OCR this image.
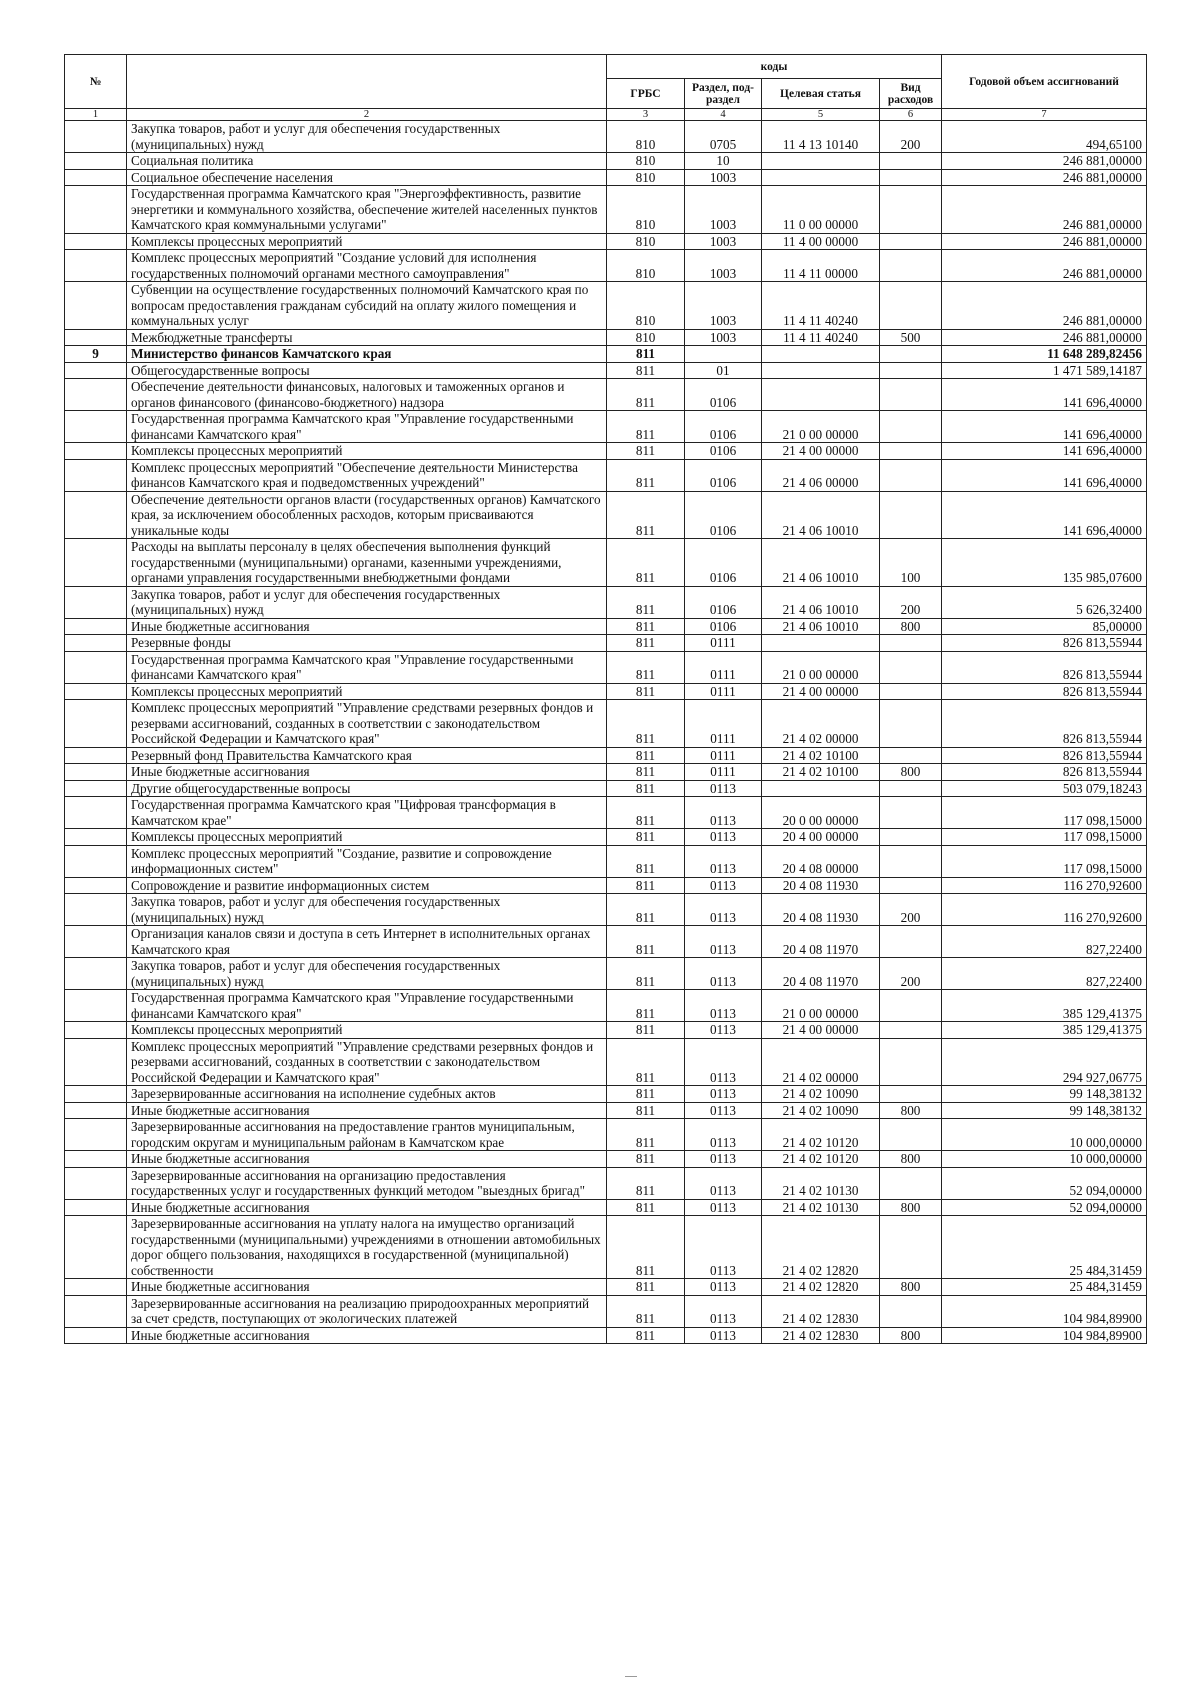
№		коды				Годовой объем ассигнований
		ГРБС	Раздел, под-раздел	Целевая статья	Вид расходов	
1	2	3	4	5	6	7
	Закупка товаров, работ и услуг для обеспечения государственных (муниципальных) нужд	810	0705	11 4 13 10140	200	494,65100
	Социальная политика	810	10			246 881,00000
	Социальное обеспечение населения	810	1003			246 881,00000
	Государственная программа Камчатского края "Энергоэффективность, развитие энергетики и коммунального хозяйства, обеспечение жителей населенных пунктов Камчатского края коммунальными услугами"	810	1003	11 0 00 00000		246 881,00000
	Комплексы процессных мероприятий	810	1003	11 4 00 00000		246 881,00000
	Комплекс процессных мероприятий "Создание условий для исполнения государственных полномочий органами местного самоуправления"	810	1003	11 4 11 00000		246 881,00000
	Субвенции на осуществление государственных полномочий Камчатского края по вопросам предоставления гражданам субсидий на оплату жилого помещения и коммунальных услуг	810	1003	11 4 11 40240		246 881,00000
	Межбюджетные трансферты	810	1003	11 4 11 40240	500	246 881,00000
9	Министерство финансов Камчатского края	811				11 648 289,82456
	Общегосударственные вопросы	811	01			1 471 589,14187
	Обеспечение деятельности финансовых, налоговых и таможенных органов и органов финансового (финансово-бюджетного) надзора	811	0106			141 696,40000
	Государственная программа Камчатского края "Управление государственными финансами Камчатского края"	811	0106	21 0 00 00000		141 696,40000
	Комплексы процессных мероприятий	811	0106	21 4 00 00000		141 696,40000
	Комплекс процессных мероприятий "Обеспечение деятельности Министерства финансов Камчатского края и подведомственных учреждений"	811	0106	21 4 06 00000		141 696,40000
	Обеспечение деятельности органов власти (государственных органов) Камчатского края, за исключением обособленных расходов, которым присваиваются уникальные коды	811	0106	21 4 06 10010		141 696,40000
	Расходы на выплаты персоналу в целях обеспечения выполнения функций государственными (муниципальными) органами, казенными учреждениями, органами управления государственными внебюджетными фондами	811	0106	21 4 06 10010	100	135 985,07600
	Закупка товаров, работ и услуг для обеспечения государственных (муниципальных) нужд	811	0106	21 4 06 10010	200	5 626,32400
	Иные бюджетные ассигнования	811	0106	21 4 06 10010	800	85,00000
	Резервные фонды	811	0111			826 813,55944
	Государственная программа Камчатского края "Управление государственными финансами Камчатского края"	811	0111	21 0 00 00000		826 813,55944
	Комплексы процессных мероприятий	811	0111	21 4 00 00000		826 813,55944
	Комплекс процессных мероприятий "Управление средствами резервных фондов и резервами ассигнований, созданных в соответствии с законодательством Российской Федерации и Камчатского края"	811	0111	21 4 02 00000		826 813,55944
	Резервный фонд Правительства Камчатского края	811	0111	21 4 02 10100		826 813,55944
	Иные бюджетные ассигнования	811	0111	21 4 02 10100	800	826 813,55944
	Другие общегосударственные вопросы	811	0113			503 079,18243
	Государственная программа Камчатского края "Цифровая трансформация в Камчатском крае"	811	0113	20 0 00 00000		117 098,15000
	Комплексы процессных мероприятий	811	0113	20 4 00 00000		117 098,15000
	Комплекс процессных мероприятий "Создание, развитие и сопровождение информационных систем"	811	0113	20 4 08 00000		117 098,15000
	Сопровождение и развитие информационных систем	811	0113	20 4 08 11930		116 270,92600
	Закупка товаров, работ и услуг для обеспечения государственных (муниципальных) нужд	811	0113	20 4 08 11930	200	116 270,92600
	Организация каналов связи и доступа в сеть Интернет в исполнительных органах Камчатского края	811	0113	20 4 08 11970		827,22400
	Закупка товаров, работ и услуг для обеспечения государственных (муниципальных) нужд	811	0113	20 4 08 11970	200	827,22400
	Государственная программа Камчатского края "Управление государственными финансами Камчатского края"	811	0113	21 0 00 00000		385 129,41375
	Комплексы процессных мероприятий	811	0113	21 4 00 00000		385 129,41375
	Комплекс процессных мероприятий "Управление средствами резервных фондов и резервами ассигнований, созданных в соответствии с законодательством Российской Федерации и Камчатского края"	811	0113	21 4 02 00000		294 927,06775
	Зарезервированные ассигнования на исполнение судебных актов	811	0113	21 4 02 10090		99 148,38132
	Иные бюджетные ассигнования	811	0113	21 4 02 10090	800	99 148,38132
	Зарезервированные ассигнования на предоставление грантов муниципальным, городским округам и муниципальным районам в Камчатском крае	811	0113	21 4 02 10120		10 000,00000
	Иные бюджетные ассигнования	811	0113	21 4 02 10120	800	10 000,00000
	Зарезервированные ассигнования на организацию предоставления государственных услуг и государственных функций методом "выездных бригад"	811	0113	21 4 02 10130		52 094,00000
	Иные бюджетные ассигнования	811	0113	21 4 02 10130	800	52 094,00000
	Зарезервированные ассигнования на уплату налога на имущество организаций государственными (муниципальными) учреждениями в отношении автомобильных дорог общего пользования, находящихся в государственной (муниципальной) собственности	811	0113	21 4 02 12820		25 484,31459
	Иные бюджетные ассигнования	811	0113	21 4 02 12820	800	25 484,31459
	Зарезервированные ассигнования на реализацию природоохранных мероприятий за счет средств, поступающих от экологических платежей	811	0113	21 4 02 12830		104 984,89900
	Иные бюджетные ассигнования	811	0113	21 4 02 12830	800	104 984,89900
